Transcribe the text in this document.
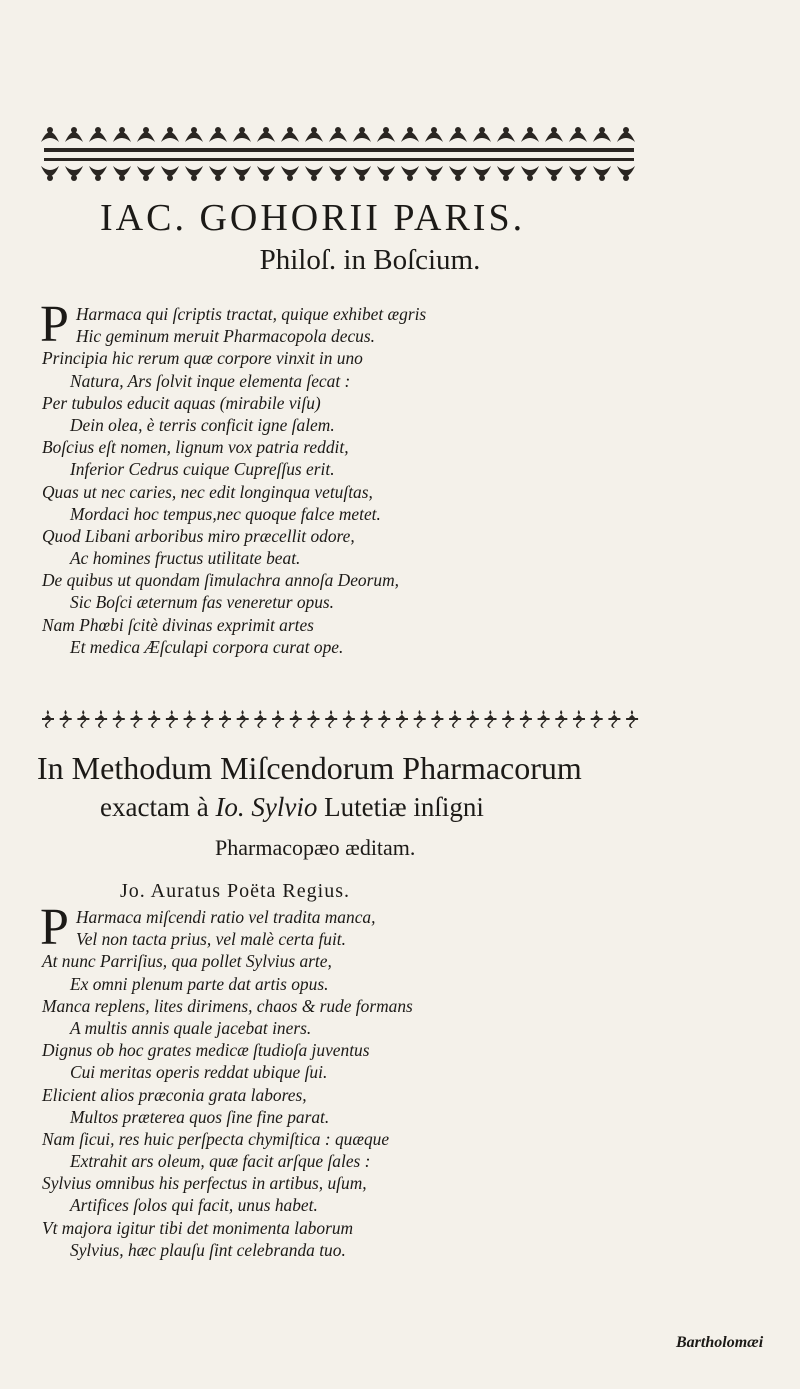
IAC. GOHORII PARIS.
Philoſ. in Boſcium.
P Harmaca qui ſcriptis tractat, quique exhibet ægris
Hic geminum meruit Pharmacopola decus.
Principia hic rerum quæ corpore vinxit in uno
Natura, Ars ſolvit inque elementa ſecat :
Per tubulos educit aquas (mirabile viſu)
Dein olea, è terris conficit igne ſalem.
Boſcius eſt nomen, lignum vox patria reddit,
Inferior Cedrus cuique Cupreſſus erit.
Quas ut nec caries, nec edit longinqua vetuſtas,
Mordaci hoc tempus,nec quoque falce metet.
Quod Libani arboribus miro præcellit odore,
Ac homines fructus utilitate beat.
De quibus ut quondam ſimulachra annoſa Deorum,
Sic Boſci æternum fas veneretur opus.
Nam Phœbi ſcitè divinas exprimit artes
Et medica Æſculapi corpora curat ope.
In Methodum Miſcendorum Pharmacorum
exactam à Io. Sylvio Lutetiæ inſigni
Pharmacopæo æditam.
Jo. Auratus Poëta Regius.
P Harmaca miſcendi ratio vel tradita manca,
Vel non tacta prius, vel malè certa fuit.
At nunc Parriſius, qua pollet Sylvius arte,
Ex omni plenum parte dat artis opus.
Manca replens, lites dirimens, chaos & rude formans
A multis annis quale jacebat iners.
Dignus ob hoc grates medicæ ſtudioſa juventus
Cui meritas operis reddat ubique ſui.
Elicient alios præconia grata labores,
Multos præterea quos ſine fine parat.
Nam ſicui, res huic perſpecta chymiſtica : quæque
Extrahit ars oleum, quæ facit arſque ſales :
Sylvius omnibus his perfectus in artibus, uſum,
Artifices ſolos qui facit, unus habet.
Vt majora igitur tibi det monimenta laborum
Sylvius, hæc plauſu ſint celebranda tuo.
Bartholomæi
